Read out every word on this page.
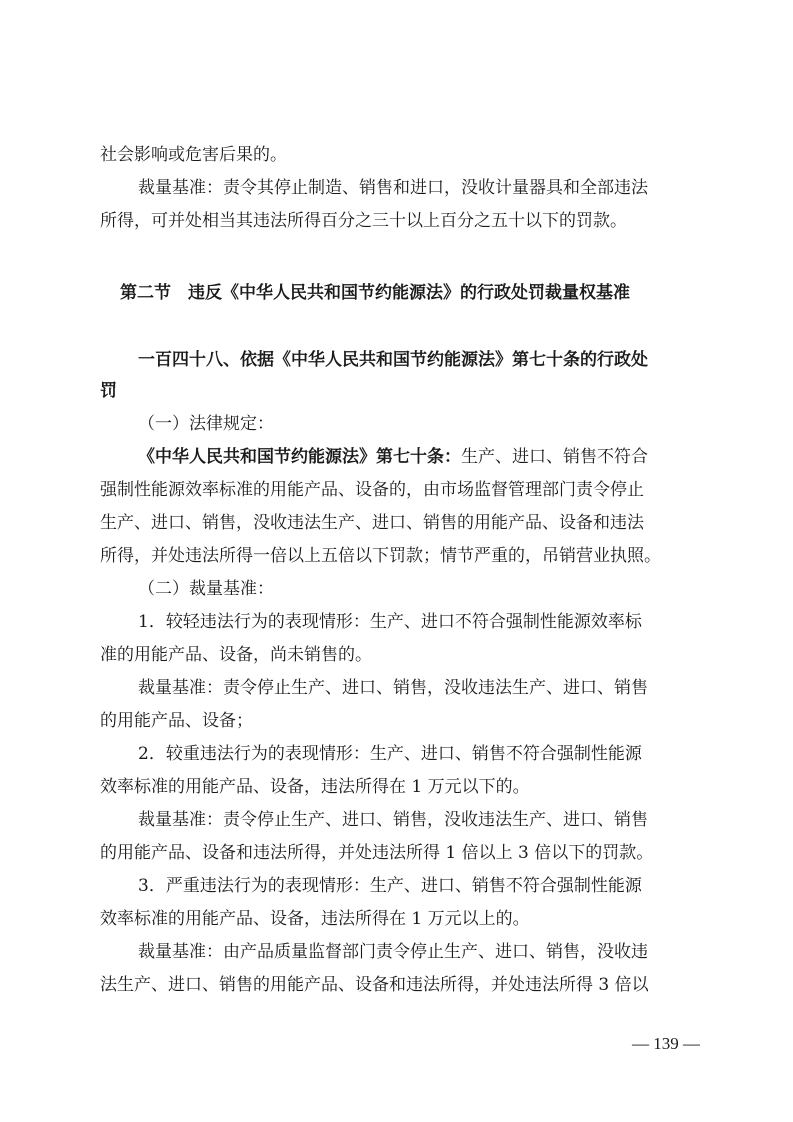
社会影响或危害后果的。
裁量基准：责令其停止制造、销售和进口，没收计量器具和全部违法
所得，可并处相当其违法所得百分之三十以上百分之五十以下的罚款。
第二节　违反《中华人民共和国节约能源法》的行政处罚裁量权基准
一百四十八、依据《中华人民共和国节约能源法》第七十条的行政处
罚
（一）法律规定：
《中华人民共和国节约能源法》第七十条：生产、进口、销售不符合
强制性能源效率标准的用能产品、设备的，由市场监督管理部门责令停止
生产、进口、销售，没收违法生产、进口、销售的用能产品、设备和违法
所得，并处违法所得一倍以上五倍以下罚款；情节严重的，吊销营业执照。
（二）裁量基准：
1．较轻违法行为的表现情形：生产、进口不符合强制性能源效率标
准的用能产品、设备，尚未销售的。
裁量基准：责令停止生产、进口、销售，没收违法生产、进口、销售
的用能产品、设备；
2．较重违法行为的表现情形：生产、进口、销售不符合强制性能源
效率标准的用能产品、设备，违法所得在 1 万元以下的。
裁量基准：责令停止生产、进口、销售，没收违法生产、进口、销售
的用能产品、设备和违法所得，并处违法所得 1 倍以上 3 倍以下的罚款。
3．严重违法行为的表现情形：生产、进口、销售不符合强制性能源
效率标准的用能产品、设备，违法所得在 1 万元以上的。
裁量基准：由产品质量监督部门责令停止生产、进口、销售，没收违
法生产、进口、销售的用能产品、设备和违法所得，并处违法所得 3 倍以
— 139 —
